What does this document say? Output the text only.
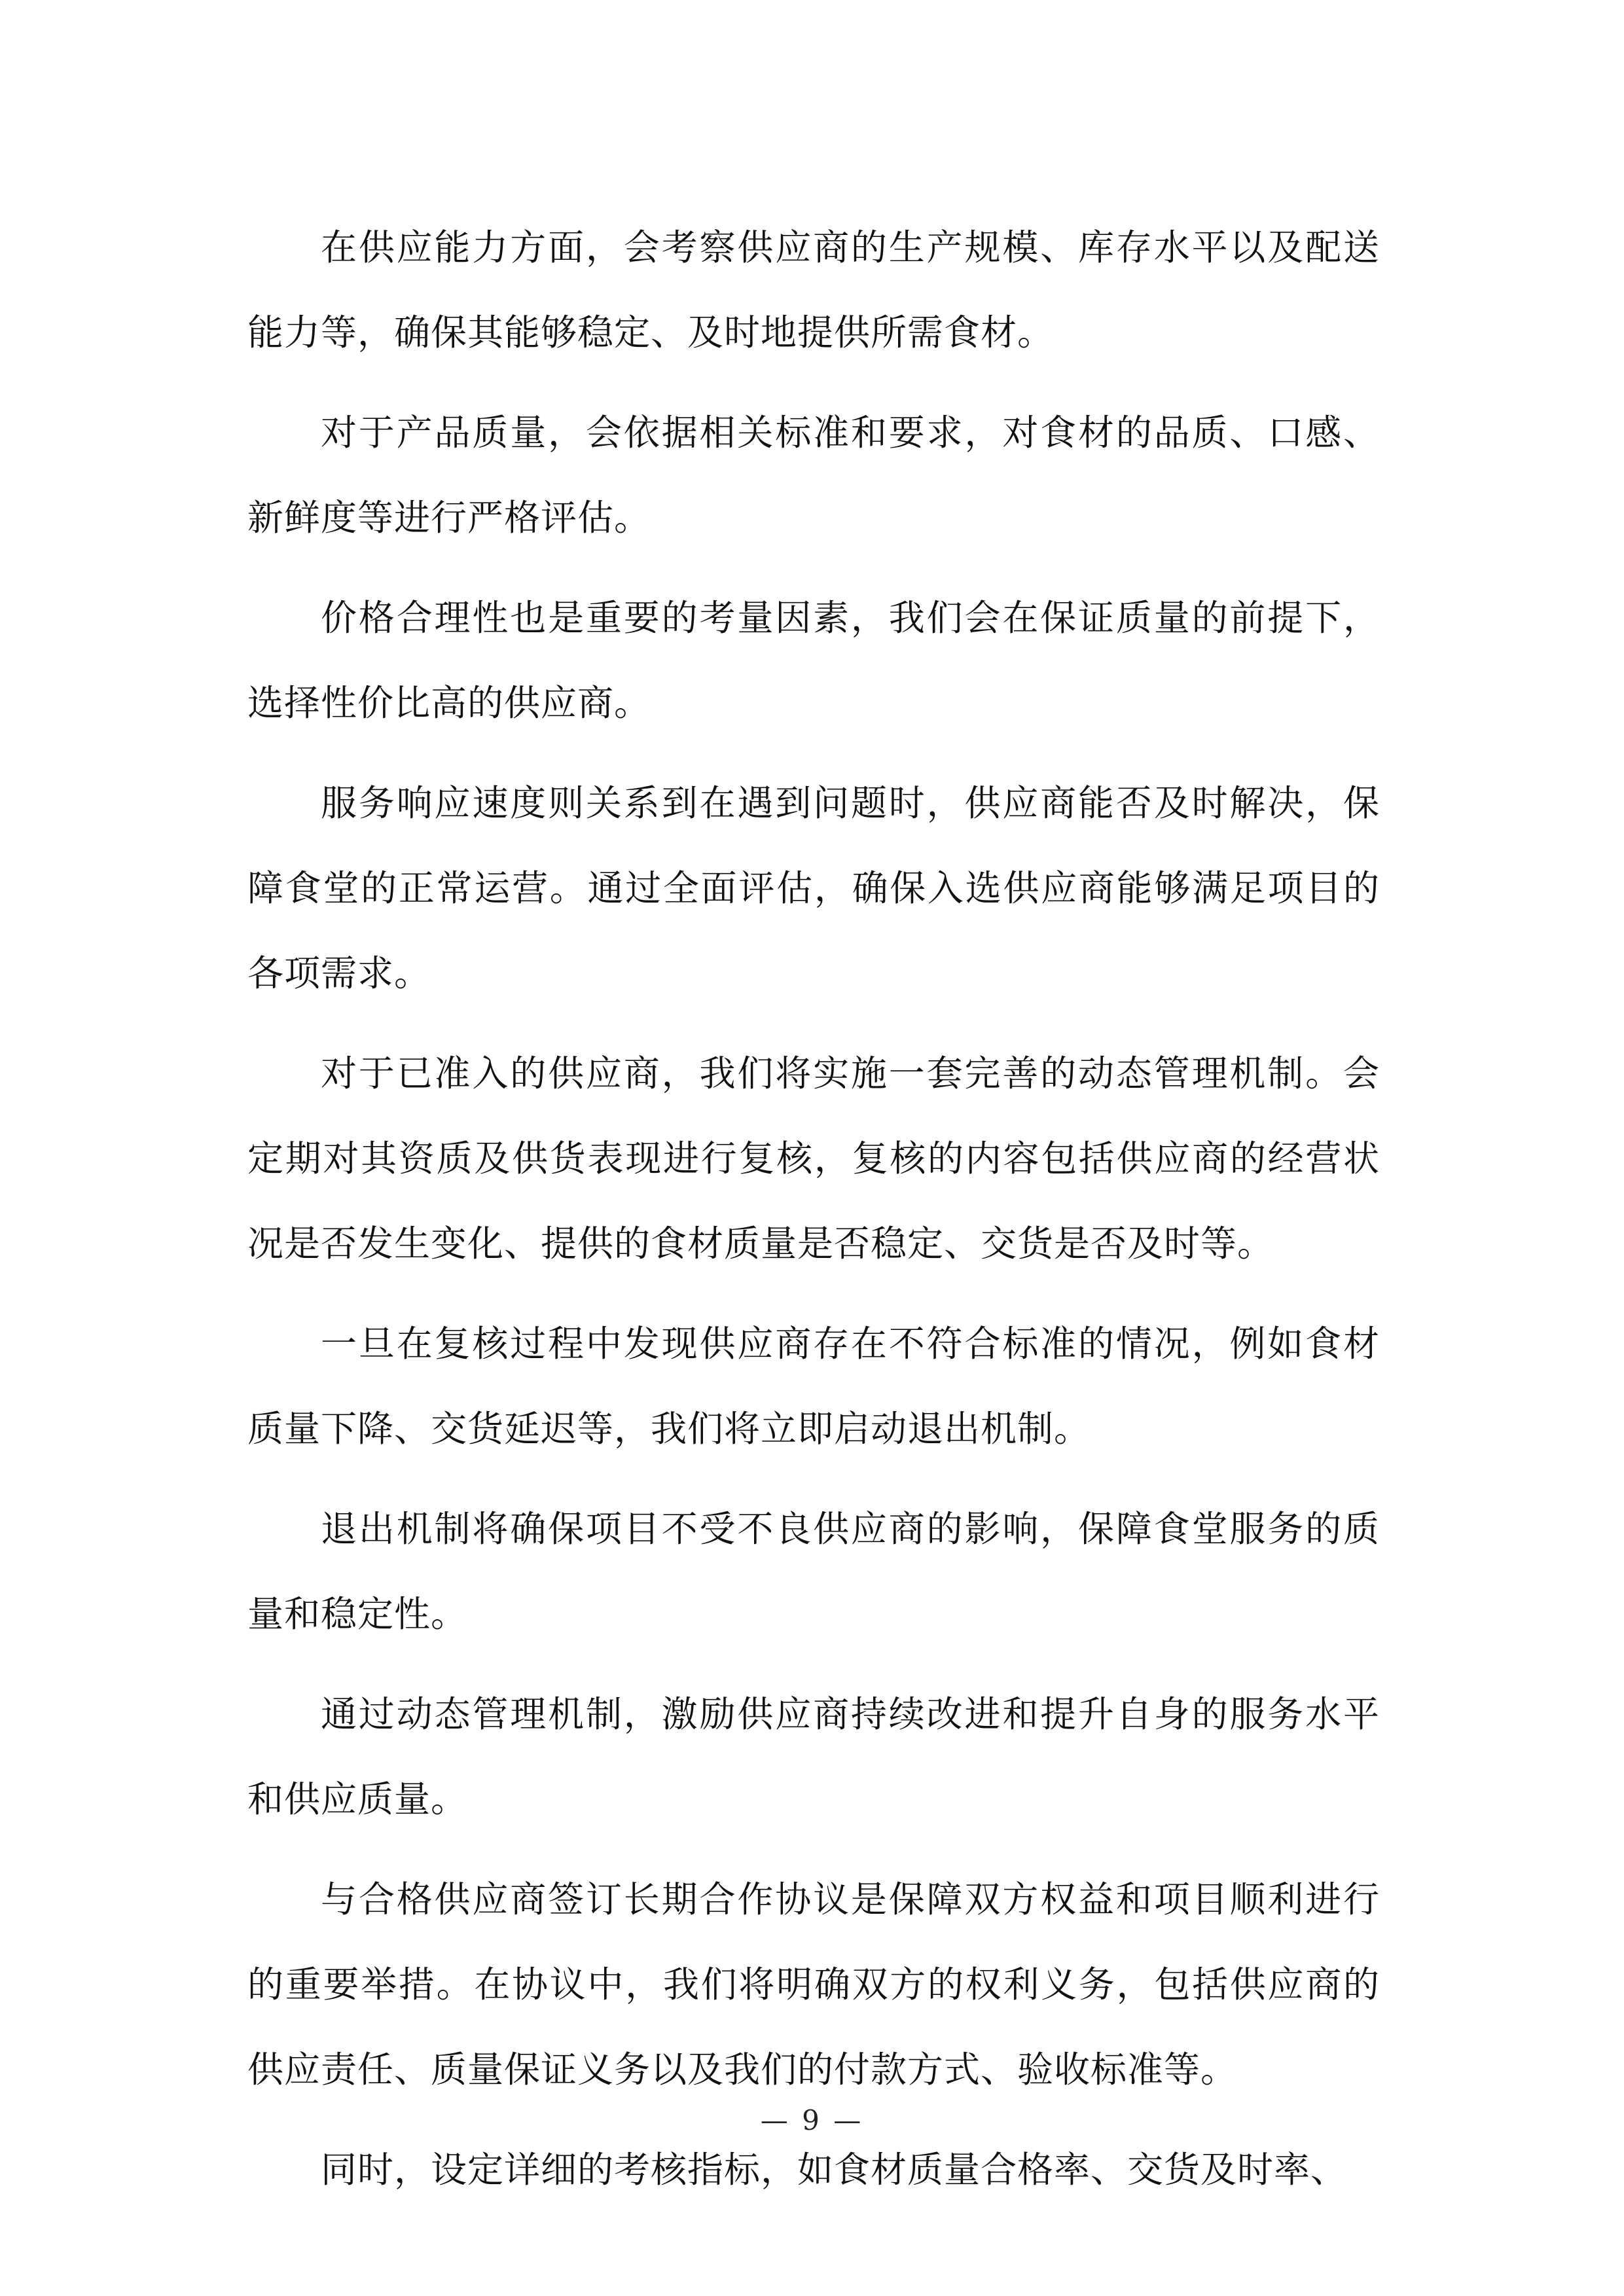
在供应能力方面，会考察供应商的生产规模、库存水平以及配送能力等，确保其能够稳定、及时地提供所需食材。

对于产品质量，会依据相关标准和要求，对食材的品质、口感、新鲜度等进行严格评估。

价格合理性也是重要的考量因素，我们会在保证质量的前提下，选择性价比高的供应商。

服务响应速度则关系到在遇到问题时，供应商能否及时解决，保障食堂的正常运营。通过全面评估，确保入选供应商能够满足项目的各项需求。

对于已准入的供应商，我们将实施一套完善的动态管理机制。会定期对其资质及供货表现进行复核，复核的内容包括供应商的经营状况是否发生变化、提供的食材质量是否稳定、交货是否及时等。

一旦在复核过程中发现供应商存在不符合标准的情况，例如食材质量下降、交货延迟等，我们将立即启动退出机制。

退出机制将确保项目不受不良供应商的影响，保障食堂服务的质量和稳定性。

通过动态管理机制，激励供应商持续改进和提升自身的服务水平和供应质量。

与合格供应商签订长期合作协议是保障双方权益和项目顺利进行的重要举措。在协议中，我们将明确双方的权利义务，包括供应商的供应责任、质量保证义务以及我们的付款方式、验收标准等。

同时，设定详细的考核指标，如食材质量合格率、交货及时率、

— 9 —
